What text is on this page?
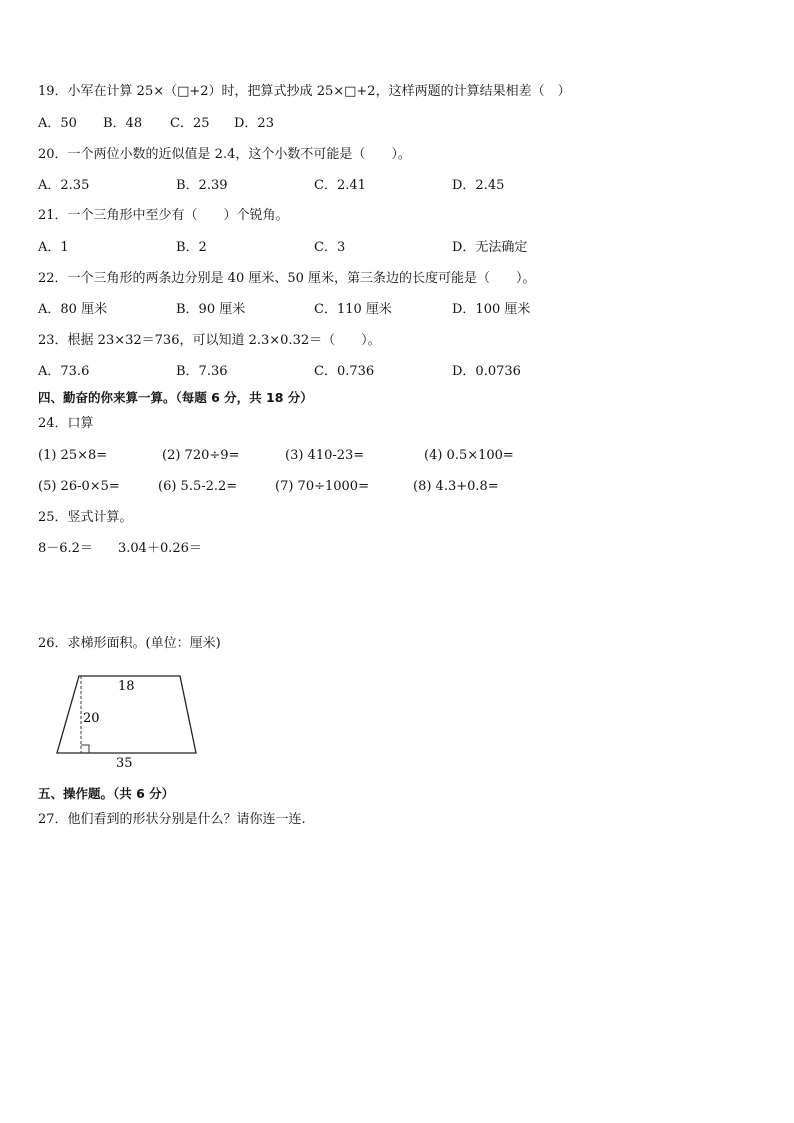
19．小军在计算 25×（□+2）时，把算式抄成 25×□+2，这样两题的计算结果相差（　）
A．50 B．48 C．25 D．23
20．一个两位小数的近似值是 2.4，这个小数不可能是（　　）。
A．2.35	B．2.39	C．2.41	D．2.45
21．一个三角形中至少有（　　）个锐角。
A．1	B．2	C．3	D．无法确定
22．一个三角形的两条边分别是 40 厘米、50 厘米，第三条边的长度可能是（　　）。
A．80 厘米	B．90 厘米	C．110 厘米	D．100 厘米
23．根据 23×32＝736，可以知道 2.3×0.32＝（　　）。
A．73.6	B．7.36	C．0.736	D．0.0736
四、勤奋的你来算一算。（每题 6 分，共 18 分）
24．口算
(1) 25×8=	(2) 720÷9=	(3) 410-23=	(4) 0.5×100=
(5) 26-0×5=	(6) 5.5-2.2=	(7) 70÷1000=	(8) 4.3+0.8=
25．竖式计算。
8－6.2＝ 3.04＋0.26＝
26．求梯形面积。(单位：厘米)
18
20
35
五、操作题。（共 6 分）
27．他们看到的形状分别是什么？请你连一连.
